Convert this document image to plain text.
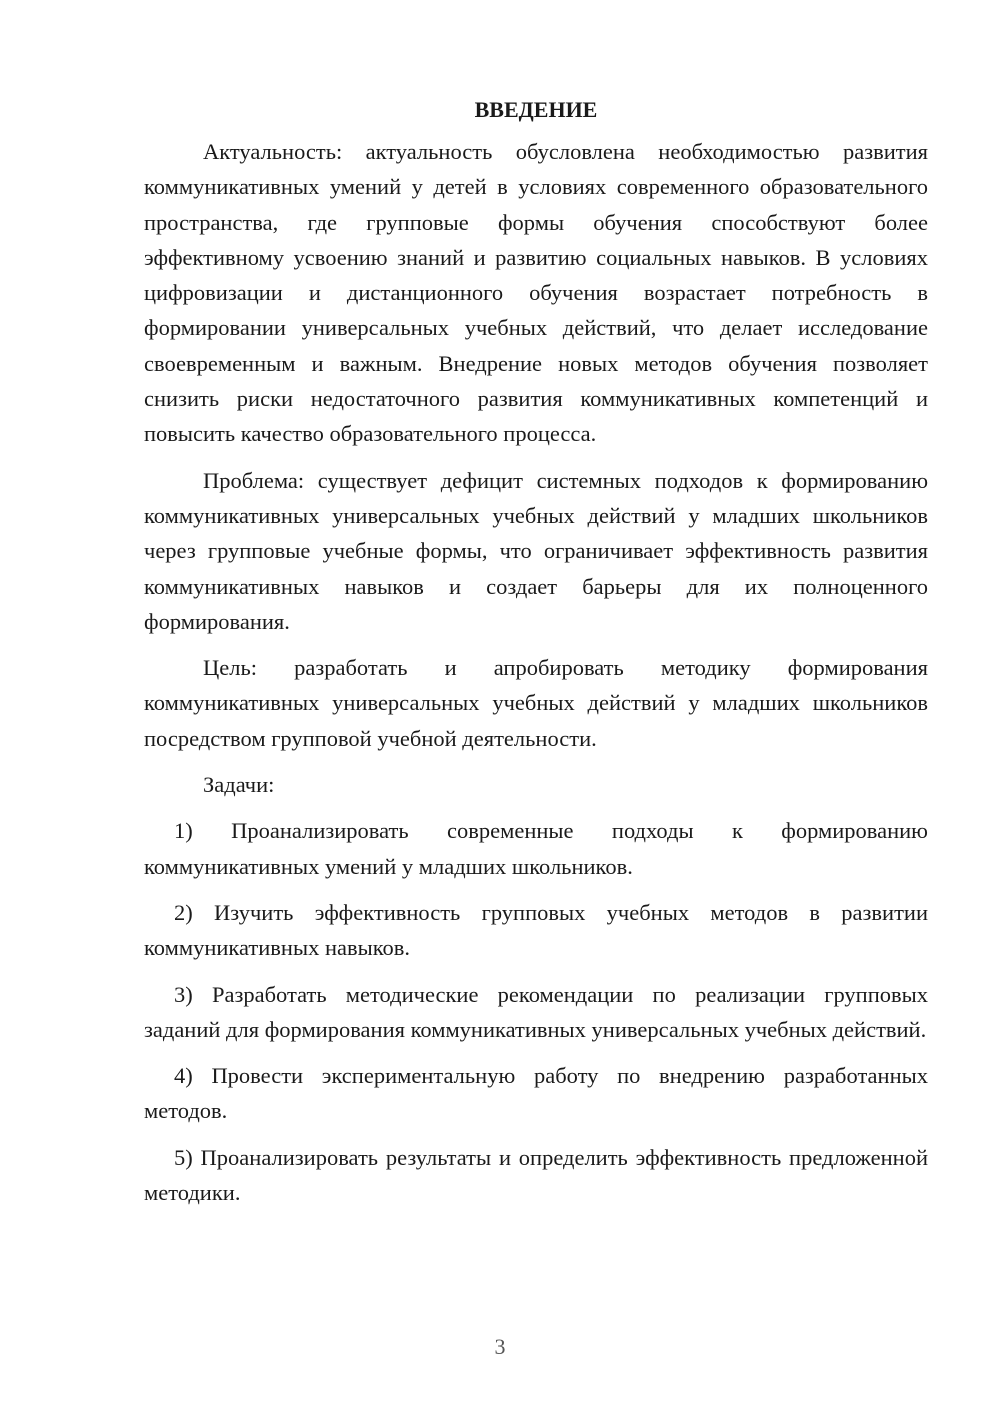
ВВЕДЕНИЕ

Актуальность: актуальность обусловлена необходимостью развития коммуникативных умений у детей в условиях современного образовательного пространства, где групповые формы обучения способствуют более эффективному усвоению знаний и развитию социальных навыков. В условиях цифровизации и дистанционного обучения возрастает потребность в формировании универсальных учебных действий, что делает исследование своевременным и важным. Внедрение новых методов обучения позволяет снизить риски недостаточного развития коммуникативных компетенций и повысить качество образовательного процесса.

Проблема: существует дефицит системных подходов к формированию коммуникативных универсальных учебных действий у младших школьников через групповые учебные формы, что ограничивает эффективность развития коммуникативных навыков и создает барьеры для их полноценного формирования.

Цель: разработать и апробировать методику формирования коммуникативных универсальных учебных действий у младших школьников посредством групповой учебной деятельности.

Задачи:

1) Проанализировать современные подходы к формированию коммуникативных умений у младших школьников.

2) Изучить эффективность групповых учебных методов в развитии коммуникативных навыков.

3) Разработать методические рекомендации по реализации групповых заданий для формирования коммуникативных универсальных учебных действий.

4) Провести экспериментальную работу по внедрению разработанных методов.

5) Проанализировать результаты и определить эффективность предложенной методики.

3
